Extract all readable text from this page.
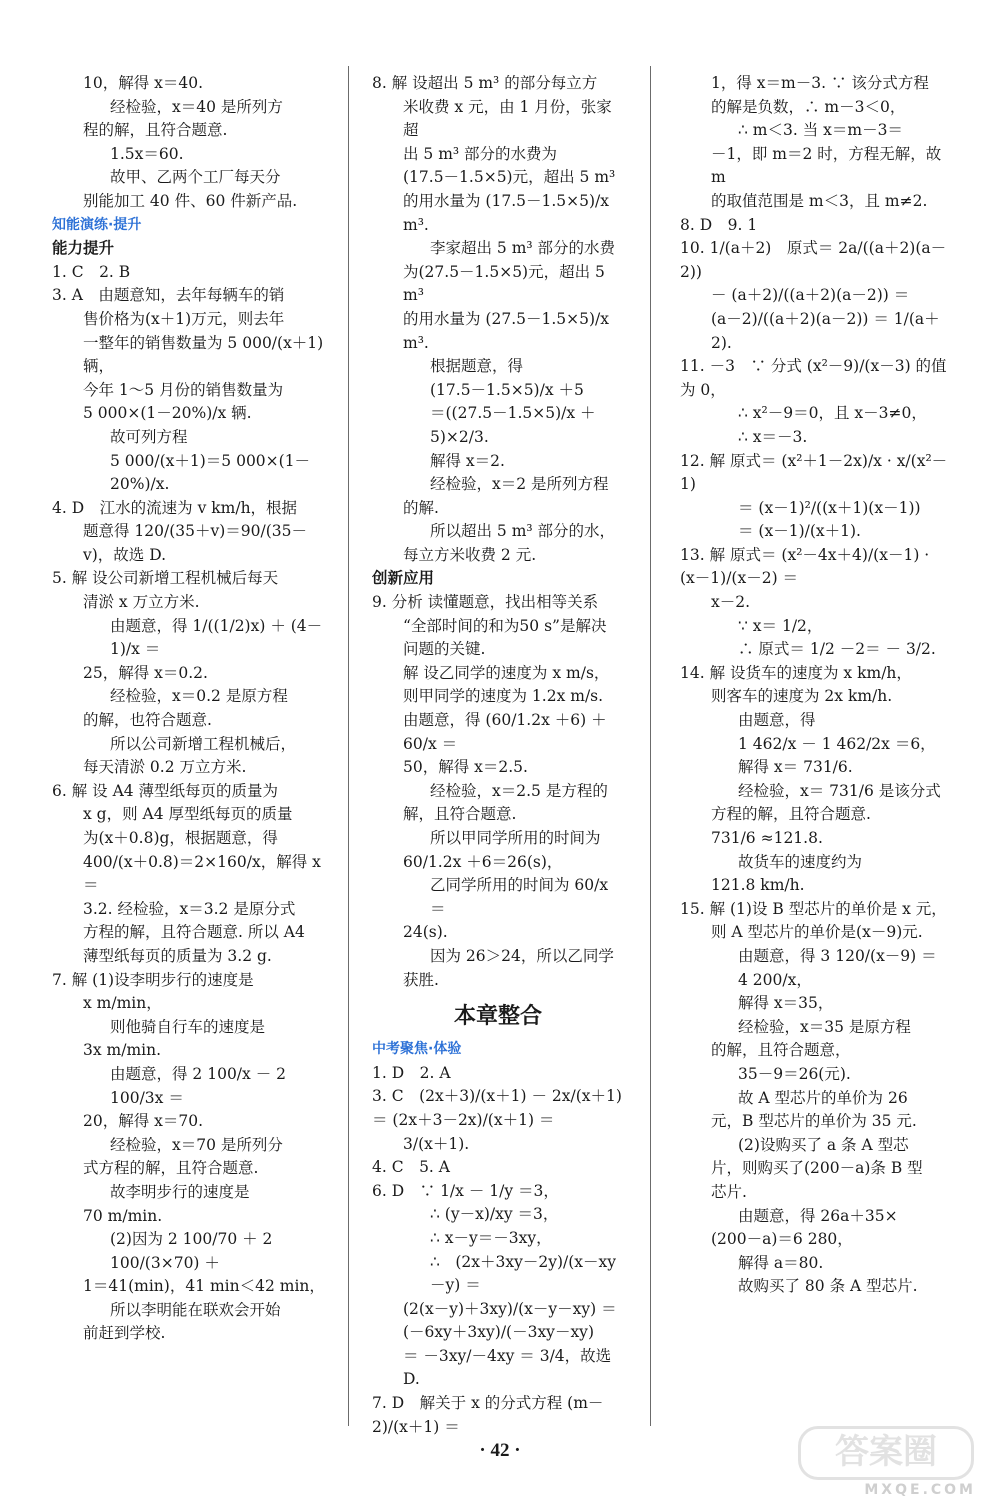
10，解得 x＝40.
经检验，x＝40 是所列方
程的解，且符合题意.
1.5x＝60.
故甲、乙两个工厂每天分
别能加工 40 件、60 件新产品.
知能演练·提升
能力提升
1. C　2. B
3. A　由题意知，去年每辆车的销
售价格为(x＋1)万元，则去年
一整年的销售数量为 5 000/(x＋1) 辆，
今年 1～5 月份的销售数量为
5 000×(1－20%)/x 辆.
故可列方程
5 000/(x＋1)＝5 000×(1－20%)/x.
4. D　江水的流速为 v km/h，根据
题意得 120/(35＋v)＝90/(35－v)，故选 D.
5. 解 设公司新增工程机械后每天
清淤 x 万立方米.
由题意，得 1/((1/2)x) ＋ (4－1)/x ＝
25，解得 x＝0.2.
经检验，x＝0.2 是原方程
的解，也符合题意.
所以公司新增工程机械后，
每天清淤 0.2 万立方米.
6. 解 设 A4 薄型纸每页的质量为
x g，则 A4 厚型纸每页的质量
为(x＋0.8)g，根据题意，得
400/(x＋0.8)＝2×160/x，解得 x＝
3.2. 经检验，x＝3.2 是原分式
方程的解，且符合题意. 所以 A4
薄型纸每页的质量为 3.2 g.
7. 解 (1)设李明步行的速度是
x m/min，
则他骑自行车的速度是
3x m/min.
由题意，得 2 100/x － 2 100/3x ＝
20，解得 x＝70.
经检验，x＝70 是所列分
式方程的解，且符合题意.
故李明步行的速度是
70 m/min.
(2)因为 2 100/70 ＋ 2 100/(3×70) ＋
1＝41(min)，41 min＜42 min，
所以李明能在联欢会开始
前赶到学校.
8. 解 设超出 5 m³ 的部分每立方
米收费 x 元，由 1 月份，张家超
出 5 m³ 部分的水费为
(17.5－1.5×5)元，超出 5 m³
的用水量为 (17.5－1.5×5)/x m³.
李家超出 5 m³ 部分的水费
为(27.5－1.5×5)元，超出 5 m³
的用水量为 (27.5－1.5×5)/x m³.
根据题意，得
(17.5－1.5×5)/x ＋5
＝((27.5－1.5×5)/x ＋5)×2/3.
解得 x＝2.
经检验，x＝2 是所列方程
的解.
所以超出 5 m³ 部分的水，
每立方米收费 2 元.
创新应用
9. 分析 读懂题意，找出相等关系
“全部时间的和为50 s”是解决
问题的关键.
解 设乙同学的速度为 x m/s，
则甲同学的速度为 1.2x m/s.
由题意，得 (60/1.2x ＋6) ＋ 60/x ＝
50，解得 x＝2.5.
经检验，x＝2.5 是方程的
解，且符合题意.
所以甲同学所用的时间为
60/1.2x ＋6＝26(s)，
乙同学所用的时间为 60/x ＝
24(s).
因为 26＞24，所以乙同学
获胜.
本章整合
中考聚焦·体验
1. D　2. A
3. C　(2x＋3)/(x＋1) － 2x/(x＋1) ＝ (2x＋3－2x)/(x＋1) ＝
3/(x＋1).
4. C　5. A
6. D　∵ 1/x － 1/y ＝3，
∴ (y－x)/xy ＝3，
∴ x－y＝－3xy，
∴　(2x＋3xy－2y)/(x－xy－y) ＝
(2(x－y)＋3xy)/(x－y－xy) ＝ (－6xy＋3xy)/(－3xy－xy)
＝ －3xy/－4xy ＝ 3/4，故选 D.
7. D　解关于 x 的分式方程 (m－2)/(x＋1) ＝
1，得 x＝m－3. ∵ 该分式方程
的解是负数，∴ m－3＜0，
∴ m＜3. 当 x＝m－3＝
－1，即 m＝2 时，方程无解，故 m
的取值范围是 m＜3，且 m≠2.
8. D　9. 1
10. 1/(a＋2)　原式＝ 2a/((a＋2)(a－2))
－ (a＋2)/((a＋2)(a－2)) ＝
(a－2)/((a＋2)(a－2)) ＝ 1/(a＋2).
11. －3　∵ 分式 (x²－9)/(x－3) 的值为 0，
∴ x²－9＝0，且 x－3≠0，
∴ x＝－3.
12. 解 原式＝ (x²＋1－2x)/x · x/(x²－1)
＝ (x－1)²/((x＋1)(x－1))
＝ (x－1)/(x＋1).
13. 解 原式＝ (x²－4x＋4)/(x－1) · (x－1)/(x－2) ＝
x－2.
∵ x＝ 1/2，
∴ 原式＝ 1/2 －2＝ － 3/2.
14. 解 设货车的速度为 x km/h，
则客车的速度为 2x km/h.
由题意，得
1 462/x － 1 462/2x ＝6，
解得 x＝ 731/6.
经检验，x＝ 731/6 是该分式
方程的解，且符合题意.
731/6 ≈121.8.
故货车的速度约为
121.8 km/h.
15. 解 (1)设 B 型芯片的单价是 x 元，
则 A 型芯片的单价是(x－9)元.
由题意，得 3 120/(x－9) ＝ 4 200/x，
解得 x＝35，
经检验，x＝35 是原方程
的解，且符合题意，
35－9＝26(元).
故 A 型芯片的单价为 26
元，B 型芯片的单价为 35 元.
(2)设购买了 a 条 A 型芯
片，则购买了(200－a)条 B 型
芯片.
由题意，得 26a＋35×
(200－a)＝6 280，
解得 a＝80.
故购买了 80 条 A 型芯片.
· 42 ·	答案圈
MXQE.COM
